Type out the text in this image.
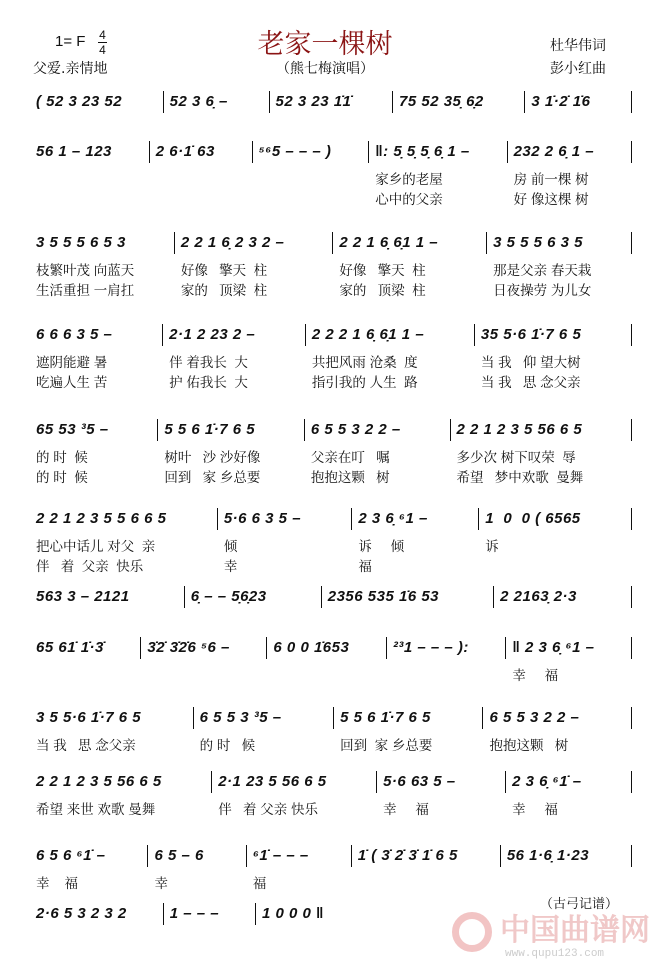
1= F 4
4	老家一棵树
父爱.亲情地	（熊七梅演唱）
杜华伟词
彭小红曲
( 52 3 23 52	52 3 6̣ –	52 3 23 1̇1̇	75 52 35̣ 6̣2	3 1̇·2̇ 1̇6
56 1 – 123	2 6·1̇ 63	⁵⁶5 – – – )	‖: 5̣ 5̣ 5̣ 6̣ 1 –
家乡的老屋
心中的父亲
232 2 6̣ 1 –
房 前一棵 树
好 像这棵 树
3 5 5 5 6 5 3
枝繁叶茂 向蓝天
生活重担 一肩扛
2 2 1 6̣ 2 3 2 –
好像   擎天  柱
家的   顶梁  柱
2 2 1 6̣ 6̣1 1 –
好像   擎天  柱
家的   顶梁  柱
3 5 5 5 6 3 5
那是父亲 春天栽
日夜操劳 为儿女
6 6 6 3 5 –
遮阴能避 暑
吃遍人生 苦
2·1 2 23 2 –
伴 着我长  大
护 佑我长  大
2 2 2 1 6̣ 6̣1 1 –
共把风雨 沧桑  度
指引我的 人生  路
35 5·6 1̇·7 6 5
当 我   仰 望大树
当 我   思 念父亲
65 53 ³5 –
的 时  候
的 时  候
5 5 6 1̇·7 6 5
树叶   沙 沙好像
回到   家 乡总要
6 5 5 3 2 2 –
父亲在叮   嘱
抱抱这颗   树
2 2 1 2 3 5 56 6 5
多少次 树下叹荣  辱
希望   梦中欢歌  曼舞
2 2 1 2 3 5 5 6 6 5
把心中话儿 对父  亲
伴   着  父亲  快乐
5·6 6 3 5 –
倾
幸
2 3 6̣ ⁶1 –
诉     倾
福
1  0  0 ( 6565
诉
563 3 – 2121	6̣ – – 5̣6̣23	2356 535 1̇6 53	2 2163̣ 2·3
65 61̇ 1̇·3̇	3̇2̇ 3̇2̇6 ⁵6 –	6 0 0 1̇653	²³1 – – – ):	‖ 2 3 6̣ ⁶1 –
幸     福
3 5 5·6 1̇·7 6 5
当 我   思 念父亲
6 5 5 3 ³5 –
的 时   候
5 5 6 1̇·7 6 5
回到  家 乡总要
6 5 5 3 2 2 –
抱抱这颗   树
2 2 1 2 3 5 56 6 5
希望 来世 欢歌 曼舞
2·1 23 5 56 6 5
伴   着 父亲 快乐
5·6 63 5 –
幸     福
2 3 6̣ ⁶1̇ –
幸     福
6 5 6 ⁶1̇ –
幸    福
6 5 – 6
幸
⁶1̇ – – –
福
1̇ ( 3̇ 2̇ 3̇ 1̇ 6 5	56 1·6̣ 1·23
2·6 5 3 2 3 2	1 – – –	1 0 0 0 ‖	中国曲谱网
www.qupu123.com
（古弓记谱）
